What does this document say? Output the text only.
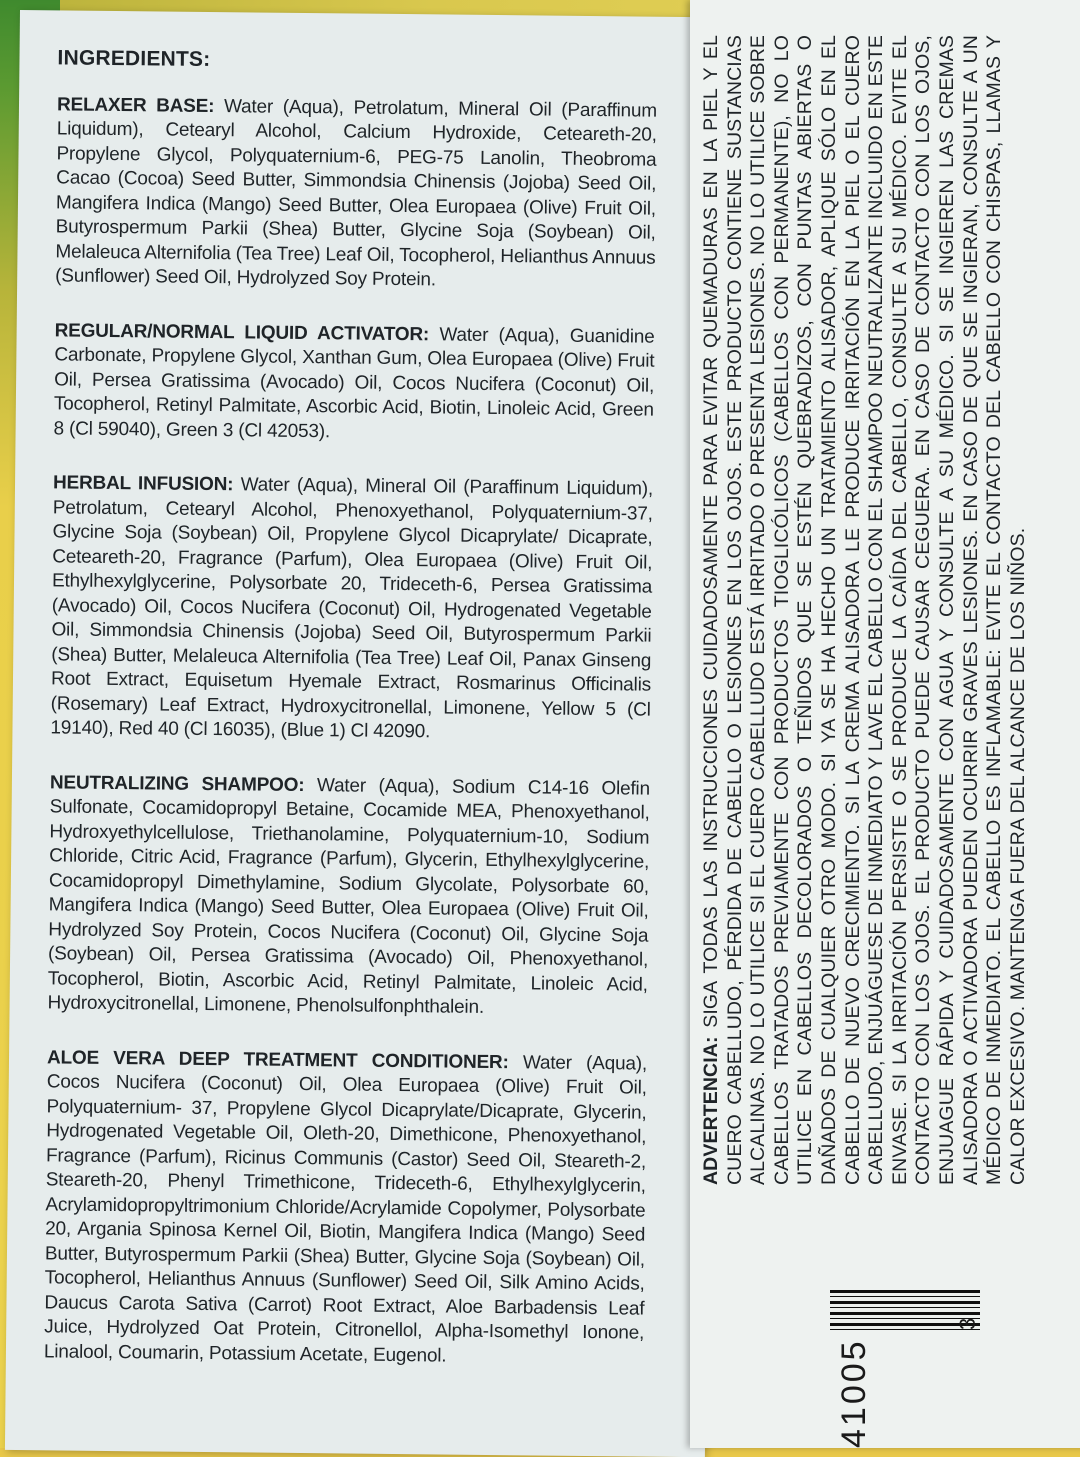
INGREDIENTS:
RELAXER BASE: Water (Aqua), Petrolatum, Mineral Oil (Paraffinum Liquidum), Cetearyl Alcohol, Calcium Hydroxide, Ceteareth-20, Propylene Glycol, Polyquaternium-6, PEG-75 Lanolin, Theobroma Cacao (Cocoa) Seed Butter, Simmondsia Chinensis (Jojoba) Seed Oil, Mangifera Indica (Mango) Seed Butter, Olea Europaea (Olive) Fruit Oil, Butyrospermum Parkii (Shea) Butter, Glycine Soja (Soybean) Oil, Melaleuca Alternifolia (Tea Tree) Leaf Oil, Tocopherol, Helianthus Annuus (Sunflower) Seed Oil, Hydrolyzed Soy Protein.
REGULAR/NORMAL LIQUID ACTIVATOR: Water (Aqua), Guanidine Carbonate, Propylene Glycol, Xanthan Gum, Olea Europaea (Olive) Fruit Oil, Persea Gratissima (Avocado) Oil, Cocos Nucifera (Coconut) Oil, Tocopherol, Retinyl Palmitate, Ascorbic Acid, Biotin, Linoleic Acid, Green 8 (Cl 59040), Green 3 (Cl 42053).
HERBAL INFUSION: Water (Aqua), Mineral Oil (Paraffinum Liquidum), Petrolatum, Cetearyl Alcohol, Phenoxyethanol, Polyquaternium-37, Glycine Soja (Soybean) Oil, Propylene Glycol Dicaprylate/ Dicaprate, Ceteareth-20, Fragrance (Parfum), Olea Europaea (Olive) Fruit Oil, Ethylhexylglycerine, Polysorbate 20, Trideceth-6, Persea Gratissima (Avocado) Oil, Cocos Nucifera (Coconut) Oil, Hydrogenated Vegetable Oil, Simmondsia Chinensis (Jojoba) Seed Oil, Butyrospermum Parkii (Shea) Butter, Melaleuca Alternifolia (Tea Tree) Leaf Oil, Panax Ginseng Root Extract, Equisetum Hyemale Extract, Rosmarinus Officinalis (Rosemary) Leaf Extract, Hydroxycitronellal, Limonene, Yellow 5 (Cl 19140), Red 40 (Cl 16035), (Blue 1) Cl 42090.
NEUTRALIZING SHAMPOO: Water (Aqua), Sodium C14-16 Olefin Sulfonate, Cocamidopropyl Betaine, Cocamide MEA, Phenoxyethanol, Hydroxyethylcellulose, Triethanolamine, Polyquaternium-10, Sodium Chloride, Citric Acid, Fragrance (Parfum), Glycerin, Ethylhexylglycerine, Cocamidopropyl Dimethylamine, Sodium Glycolate, Polysorbate 60, Mangifera Indica (Mango) Seed Butter, Olea Europaea (Olive) Fruit Oil, Hydrolyzed Soy Protein, Cocos Nucifera (Coconut) Oil, Glycine Soja (Soybean) Oil, Persea Gratissima (Avocado) Oil, Phenoxyethanol, Tocopherol, Biotin, Ascorbic Acid, Retinyl Palmitate, Linoleic Acid, Hydroxycitronellal, Limonene, Phenolsulfonphthalein.
ALOE VERA DEEP TREATMENT CONDITIONER: Water (Aqua), Cocos Nucifera (Coconut) Oil, Olea Europaea (Olive) Fruit Oil, Polyquaternium- 37, Propylene Glycol Dicaprylate/Dicaprate, Glycerin, Hydrogenated Vegetable Oil, Oleth-20, Dimethicone, Phenoxyethanol, Fragrance (Parfum), Ricinus Communis (Castor) Seed Oil, Steareth-2, Steareth-20, Phenyl Trimethicone, Trideceth-6, Ethylhexylglycerin, Acrylamidopropyltrimonium Chloride/Acrylamide Copolymer, Polysorbate 20, Argania Spinosa Kernel Oil, Biotin, Mangifera Indica (Mango) Seed Butter, Butyrospermum Parkii (Shea) Butter, Glycine Soja (Soybean) Oil, Tocopherol, Helianthus Annuus (Sunflower) Seed Oil, Silk Amino Acids, Daucus Carota Sativa (Carrot) Root Extract, Aloe Barbadensis Leaf Juice, Hydrolyzed Oat Protein, Citronellol, Alpha-Isomethyl Ionone, Linalool, Coumarin, Potassium Acetate, Eugenol.

ADVERTENCIA: SIGA TODAS LAS INSTRUCCIONES CUIDADOSAMENTE PARA EVITAR QUEMADURAS EN LA PIEL Y EL CUERO CABELLUDO, PÉRDIDA DE CABELLO O LESIONES EN LOS OJOS. ESTE PRODUCTO CONTIENE SUSTANCIAS ALCALINAS. NO LO UTILICE SI EL CUERO CABELLUDO ESTÁ IRRITADO O PRESENTA LESIONES. NO LO UTILICE SOBRE CABELLOS TRATADOS PREVIAMENTE CON PRODUCTOS TIOGLICÓLICOS (CABELLOS CON PERMANENTE), NO LO UTILICE EN CABELLOS DECOLORADOS O TEÑIDOS QUE SE ESTÉN QUEBRADIZOS, CON PUNTAS ABIERTAS O DAÑADOS DE CUALQUIER OTRO MODO. SI YA SE HA HECHO UN TRATAMIENTO ALISADOR, APLIQUE SÓLO EN EL CABELLO DE NUEVO CRECIMIENTO. SI LA CREMA ALISADORA LE PRODUCE IRRITACIÓN EN LA PIEL O EL CUERO CABELLUDO, ENJUÁGUESE DE INMEDIATO Y LAVE EL CABELLO CON EL SHAMPOO NEUTRALIZANTE INCLUIDO EN ESTE ENVASE. SI LA IRRITACIÓN PERSISTE O SE PRODUCE LA CAÍDA DEL CABELLO, CONSULTE A SU MÉDICO. EVITE EL CONTACTO CON LOS OJOS. EL PRODUCTO PUEDE CAUSAR CEGUERA. EN CASO DE CONTACTO CON LOS OJOS, ENJUAGUE RÁPIDA Y CUIDADOSAMENTE CON AGUA Y CONSULTE A SU MÉDICO. SI SE INGIEREN LAS CREMAS ALISADORA O ACTIVADORA PUEDEN OCURRIR GRAVES LESIONES. EN CASO DE QUE SE INGIERAN, CONSULTE A UN MÉDICO DE INMEDIATO. EL CABELLO ES INFLAMABLE: EVITE EL CONTACTO DEL CABELLO CON CHISPAS, LLAMAS Y CALOR EXCESIVO. MANTENGA FUERA DEL ALCANCE DE LOS NIÑOS.

41005
3
